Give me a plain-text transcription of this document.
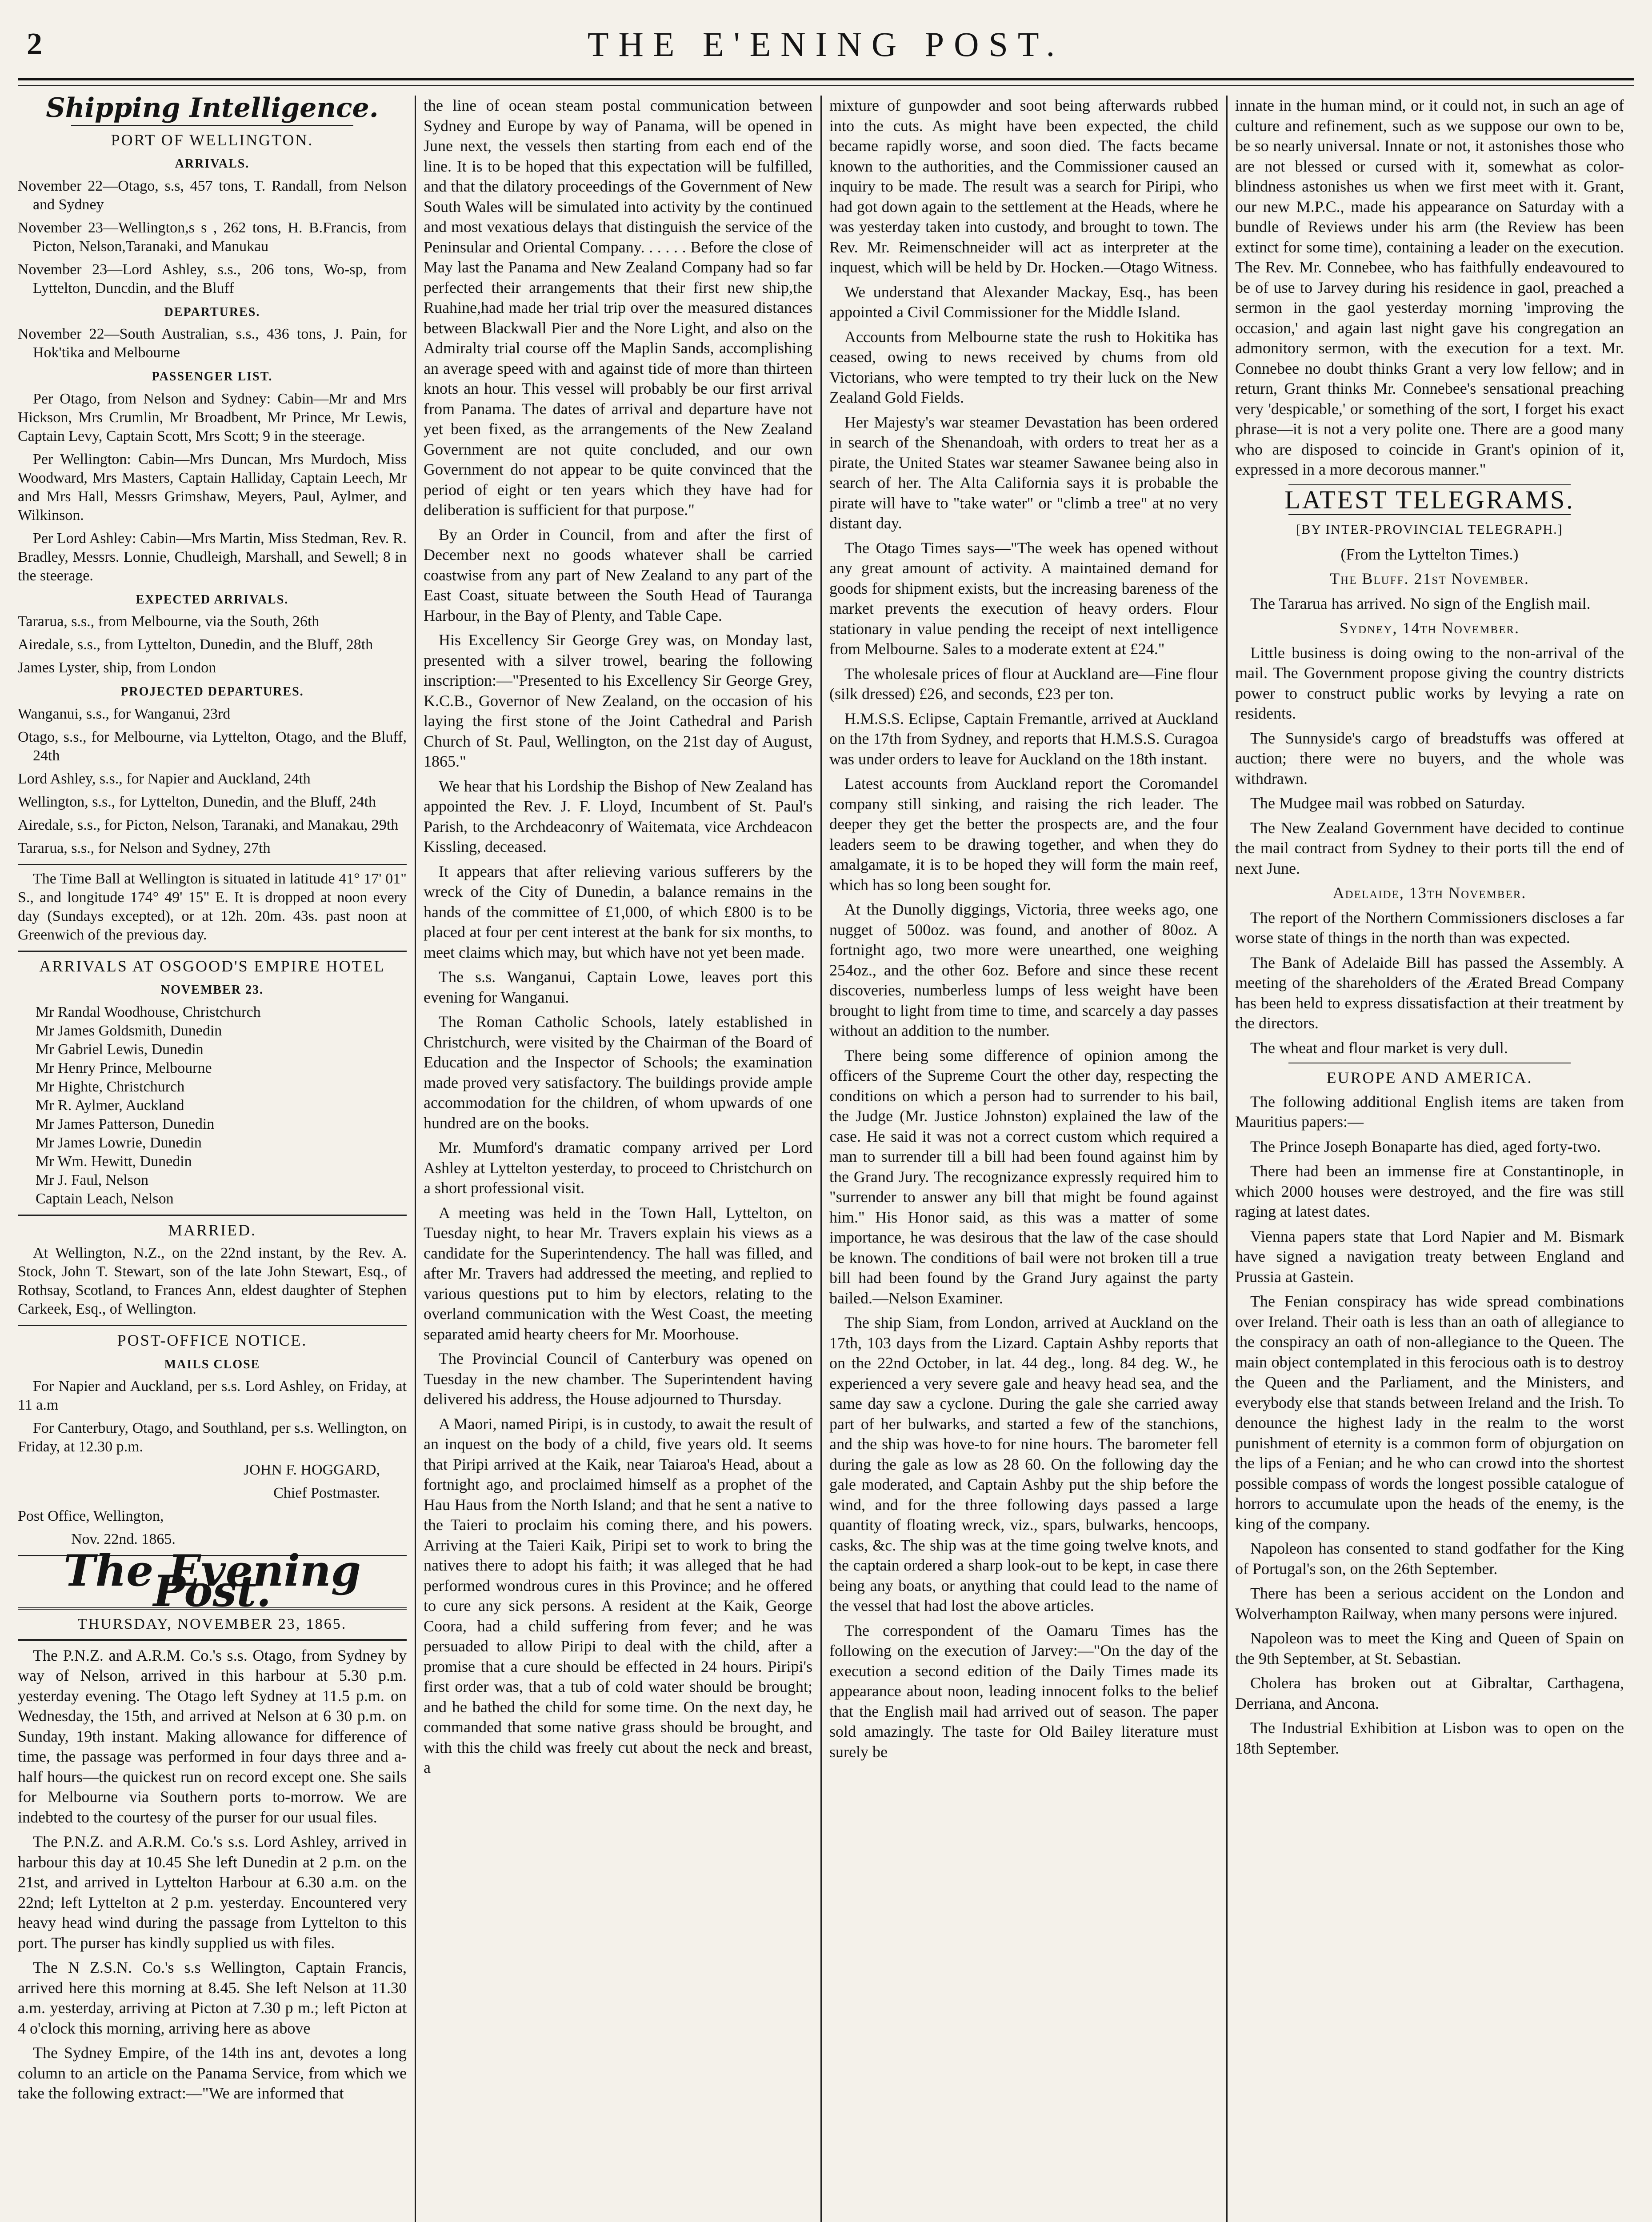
2	THE E'ENING POST.
Shipping Intelligence.
PORT OF WELLINGTON.
ARRIVALS.

November 22—Otago, s.s, 457 tons, T. Randall, from Nelson and Sydney

November 23—Wellington,s s , 262 tons, H. B.Francis, from Picton, Nelson,Taranaki, and Manukau

November 23—Lord Ashley, s.s., 206 tons, Wo-sp, from Lyttelton, Duncdin, and the Bluff

DEPARTURES.

November 22—South Australian, s.s., 436 tons, J. Pain, for Hok'tika and Melbourne

PASSENGER LIST.

Per Otago, from Nelson and Sydney: Cabin—Mr and Mrs Hickson, Mrs Crumlin, Mr Broadbent, Mr Prince, Mr Lewis, Captain Levy, Captain Scott, Mrs Scott; 9 in the steerage.

Per Wellington: Cabin—Mrs Duncan, Mrs Murdoch, Miss Woodward, Mrs Masters, Captain Halliday, Captain Leech, Mr and Mrs Hall, Messrs Grimshaw, Meyers, Paul, Aylmer, and Wilkinson.

Per Lord Ashley: Cabin—Mrs Martin, Miss Stedman, Rev. R. Bradley, Messrs. Lonnie, Chudleigh, Marshall, and Sewell; 8 in the steerage.

EXPECTED ARRIVALS.

Tararua, s.s., from Melbourne, via the South, 26th

Airedale, s.s., from Lyttelton, Dunedin, and the Bluff, 28th

James Lyster, ship, from London

PROJECTED DEPARTURES.

Wanganui, s.s., for Wanganui, 23rd

Otago, s.s., for Melbourne, via Lyttelton, Otago, and the Bluff, 24th

Lord Ashley, s.s., for Napier and Auckland, 24th

Wellington, s.s., for Lyttelton, Dunedin, and the Bluff, 24th

Airedale, s.s., for Picton, Nelson, Taranaki, and Manakau, 29th

Tararua, s.s., for Nelson and Sydney, 27th

The Time Ball at Wellington is situated in latitude 41° 17' 01" S., and longitude 174° 49' 15" E. It is dropped at noon every day (Sundays excepted), or at 12h. 20m. 43s. past noon at Greenwich of the previous day.

ARRIVALS AT OSGOOD'S EMPIRE HOTEL
NOVEMBER 23.

Mr Randal Woodhouse, Christchurch

Mr James Goldsmith, Dunedin

Mr Gabriel Lewis, Dunedin

Mr Henry Prince, Melbourne

Mr Highte, Christchurch

Mr R. Aylmer, Auckland

Mr James Patterson, Dunedin

Mr James Lowrie, Dunedin

Mr Wm. Hewitt, Dunedin

Mr J. Faul, Nelson

Captain Leach, Nelson

MARRIED.

At Wellington, N.Z., on the 22nd instant, by the Rev. A. Stock, John T. Stewart, son of the late John Stewart, Esq., of Rothsay, Scotland, to Frances Ann, eldest daughter of Stephen Carkeek, Esq., of Wellington.

POST-OFFICE NOTICE.
MAILS CLOSE

For Napier and Auckland, per s.s. Lord Ashley, on Friday, at 11 a.m

For Canterbury, Otago, and Southland, per s.s. Wellington, on Friday, at 12.30 p.m.

JOHN F. HOGGARD,

Chief Postmaster.

Post Office, Wellington,

Nov. 22nd. 1865.

The Evening Post.
THURSDAY, NOVEMBER 23, 1865.

The P.N.Z. and A.R.M. Co.'s s.s. Otago, from Sydney by way of Nelson, arrived in this harbour at 5.30 p.m. yesterday evening. The Otago left Sydney at 11.5 p.m. on Wednesday, the 15th, and arrived at Nelson at 6 30 p.m. on Sunday, 19th instant. Making allowance for difference of time, the passage was performed in four days three and a-half hours—the quickest run on record except one. She sails for Melbourne via Southern ports to-morrow. We are indebted to the courtesy of the purser for our usual files.

The P.N.Z. and A.R.M. Co.'s s.s. Lord Ashley, arrived in harbour this day at 10.45 She left Dunedin at 2 p.m. on the 21st, and arrived in Lyttelton Harbour at 6.30 a.m. on the 22nd; left Lyttelton at 2 p.m. yesterday. Encountered very heavy head wind during the passage from Lyttelton to this port. The purser has kindly supplied us with files.

The N Z.S.N. Co.'s s.s Wellington, Captain Francis, arrived here this morning at 8.45. She left Nelson at 11.30 a.m. yesterday, arriving at Picton at 7.30 p m.; left Picton at 4 o'clock this morning, arriving here as above

The Sydney Empire, of the 14th ins ant, devotes a long column to an article on the Panama Service, from which we take the following extract:—"We are informed that

the line of ocean steam postal communication between Sydney and Europe by way of Panama, will be opened in June next, the vessels then starting from each end of the line. It is to be hoped that this expectation will be fulfilled, and that the dilatory proceedings of the Government of New South Wales will be simulated into activity by the continued and most vexatious delays that distinguish the service of the Peninsular and Oriental Company. . . . . . Before the close of May last the Panama and New Zealand Company had so far perfected their arrangements that their first new ship,the Ruahine,had made her trial trip over the measured distances between Blackwall Pier and the Nore Light, and also on the Admiralty trial course off the Maplin Sands, accomplishing an average speed with and against tide of more than thirteen knots an hour. This vessel will probably be our first arrival from Panama. The dates of arrival and departure have not yet been fixed, as the arrangements of the New Zealand Government are not quite concluded, and our own Government do not appear to be quite convinced that the period of eight or ten years which they have had for deliberation is sufficient for that purpose."

By an Order in Council, from and after the first of December next no goods whatever shall be carried coastwise from any part of New Zealand to any part of the East Coast, situate between the South Head of Tauranga Harbour, in the Bay of Plenty, and Table Cape.

His Excellency Sir George Grey was, on Monday last, presented with a silver trowel, bearing the following inscription:—"Presented to his Excellency Sir George Grey, K.C.B., Governor of New Zealand, on the occasion of his laying the first stone of the Joint Cathedral and Parish Church of St. Paul, Wellington, on the 21st day of August, 1865."

We hear that his Lordship the Bishop of New Zealand has appointed the Rev. J. F. Lloyd, Incumbent of St. Paul's Parish, to the Archdeaconry of Waitemata, vice Archdeacon Kissling, deceased.

It appears that after relieving various sufferers by the wreck of the City of Dunedin, a balance remains in the hands of the committee of £1,000, of which £800 is to be placed at four per cent interest at the bank for six months, to meet claims which may, but which have not yet been made.

The s.s. Wanganui, Captain Lowe, leaves port this evening for Wanganui.

The Roman Catholic Schools, lately established in Christchurch, were visited by the Chairman of the Board of Education and the Inspector of Schools; the examination made proved very satisfactory. The buildings provide ample accommodation for the children, of whom upwards of one hundred are on the books.

Mr. Mumford's dramatic company arrived per Lord Ashley at Lyttelton yesterday, to proceed to Christchurch on a short professional visit.

A meeting was held in the Town Hall, Lyttelton, on Tuesday night, to hear Mr. Travers explain his views as a candidate for the Superintendency. The hall was filled, and after Mr. Travers had addressed the meeting, and replied to various questions put to him by electors, relating to the overland communication with the West Coast, the meeting separated amid hearty cheers for Mr. Moorhouse.

The Provincial Council of Canterbury was opened on Tuesday in the new chamber. The Superintendent having delivered his address, the House adjourned to Thursday.

A Maori, named Piripi, is in custody, to await the result of an inquest on the body of a child, five years old. It seems that Piripi arrived at the Kaik, near Taiaroa's Head, about a fortnight ago, and proclaimed himself as a prophet of the Hau Haus from the North Island; and that he sent a native to the Taieri to proclaim his coming there, and his powers. Arriving at the Taieri Kaik, Piripi set to work to bring the natives there to adopt his faith; it was alleged that he had performed wondrous cures in this Province; and he offered to cure any sick persons. A resident at the Kaik, George Coora, had a child suffering from fever; and he was persuaded to allow Piripi to deal with the child, after a promise that a cure should be effected in 24 hours. Piripi's first order was, that a tub of cold water should be brought; and he bathed the child for some time. On the next day, he commanded that some native grass should be brought, and with this the child was freely cut about the neck and breast, a

mixture of gunpowder and soot being afterwards rubbed into the cuts. As might have been expected, the child became rapidly worse, and soon died. The facts became known to the authorities, and the Commissioner caused an inquiry to be made. The result was a search for Piripi, who had got down again to the settlement at the Heads, where he was yesterday taken into custody, and brought to town. The Rev. Mr. Reimenschneider will act as interpreter at the inquest, which will be held by Dr. Hocken.—Otago Witness.

We understand that Alexander Mackay, Esq., has been appointed a Civil Commissioner for the Middle Island.

Accounts from Melbourne state the rush to Hokitika has ceased, owing to news received by chums from old Victorians, who were tempted to try their luck on the New Zealand Gold Fields.

Her Majesty's war steamer Devastation has been ordered in search of the Shenandoah, with orders to treat her as a pirate, the United States war steamer Sawanee being also in search of her. The Alta California says it is probable the pirate will have to "take water" or "climb a tree" at no very distant day.

The Otago Times says—"The week has opened without any great amount of activity. A maintained demand for goods for shipment exists, but the increasing bareness of the market prevents the execution of heavy orders. Flour stationary in value pending the receipt of next intelligence from Melbourne. Sales to a moderate extent at £24."

The wholesale prices of flour at Auckland are—Fine flour (silk dressed) £26, and seconds, £23 per ton.

H.M.S.S. Eclipse, Captain Fremantle, arrived at Auckland on the 17th from Sydney, and reports that H.M.S.S. Curagoa was under orders to leave for Auckland on the 18th instant.

Latest accounts from Auckland report the Coromandel company still sinking, and raising the rich leader. The deeper they get the better the prospects are, and the four leaders seem to be drawing together, and when they do amalgamate, it is to be hoped they will form the main reef, which has so long been sought for.

At the Dunolly diggings, Victoria, three weeks ago, one nugget of 500oz. was found, and another of 80oz. A fortnight ago, two more were unearthed, one weighing 254oz., and the other 6oz. Before and since these recent discoveries, numberless lumps of less weight have been brought to light from time to time, and scarcely a day passes without an addition to the number.

There being some difference of opinion among the officers of the Supreme Court the other day, respecting the conditions on which a person had to surrender to his bail, the Judge (Mr. Justice Johnston) explained the law of the case. He said it was not a correct custom which required a man to surrender till a bill had been found against him by the Grand Jury. The recognizance expressly required him to "surrender to answer any bill that might be found against him." His Honor said, as this was a matter of some importance, he was desirous that the law of the case should be known. The conditions of bail were not broken till a true bill had been found by the Grand Jury against the party bailed.—Nelson Examiner.

The ship Siam, from London, arrived at Auckland on the 17th, 103 days from the Lizard. Captain Ashby reports that on the 22nd October, in lat. 44 deg., long. 84 deg. W., he experienced a very severe gale and heavy head sea, and the same day saw a cyclone. During the gale she carried away part of her bulwarks, and started a few of the stanchions, and the ship was hove-to for nine hours. The barometer fell during the gale as low as 28 60. On the following day the gale moderated, and Captain Ashby put the ship before the wind, and for the three following days passed a large quantity of floating wreck, viz., spars, bulwarks, hencoops, casks, &c. The ship was at the time going twelve knots, and the captain ordered a sharp look-out to be kept, in case there being any boats, or anything that could lead to the name of the vessel that had lost the above articles.

The correspondent of the Oamaru Times has the following on the execution of Jarvey:—"On the day of the execution a second edition of the Daily Times made its appearance about noon, leading innocent folks to the belief that the English mail had arrived out of season. The paper sold amazingly. The taste for Old Bailey literature must surely be

innate in the human mind, or it could not, in such an age of culture and refinement, such as we suppose our own to be, be so nearly universal. Innate or not, it astonishes those who are not blessed or cursed with it, somewhat as color-blindness astonishes us when we first meet with it. Grant, our new M.P.C., made his appearance on Saturday with a bundle of Reviews under his arm (the Review has been extinct for some time), containing a leader on the execution. The Rev. Mr. Connebee, who has faithfully endeavoured to be of use to Jarvey during his residence in gaol, preached a sermon in the gaol yesterday morning 'improving the occasion,' and again last night gave his congregation an admonitory sermon, with the execution for a text. Mr. Connebee no doubt thinks Grant a very low fellow; and in return, Grant thinks Mr. Connebee's sensational preaching very 'despicable,' or something of the sort, I forget his exact phrase—it is not a very polite one. There are a good many who are disposed to coincide in Grant's opinion of it, expressed in a more decorous manner."

LATEST TELEGRAMS.

[BY INTER-PROVINCIAL TELEGRAPH.]

(From the Lyttelton Times.)

The Bluff. 21st November.

The Tararua has arrived. No sign of the English mail.

Sydney, 14th November.

Little business is doing owing to the non-arrival of the mail. The Government propose giving the country districts power to construct public works by levying a rate on residents.

The Sunnyside's cargo of breadstuffs was offered at auction; there were no buyers, and the whole was withdrawn.

The Mudgee mail was robbed on Saturday.

The New Zealand Government have decided to continue the mail contract from Sydney to their ports till the end of next June.

Adelaide, 13th November.

The report of the Northern Commissioners discloses a far worse state of things in the north than was expected.

The Bank of Adelaide Bill has passed the Assembly. A meeting of the shareholders of the Ærated Bread Company has been held to express dissatisfaction at their treatment by the directors.

The wheat and flour market is very dull.

EUROPE AND AMERICA.

The following additional English items are taken from Mauritius papers:—

The Prince Joseph Bonaparte has died, aged forty-two.

There had been an immense fire at Constantinople, in which 2000 houses were destroyed, and the fire was still raging at latest dates.

Vienna papers state that Lord Napier and M. Bismark have signed a navigation treaty between England and Prussia at Gastein.

The Fenian conspiracy has wide spread combinations over Ireland. Their oath is less than an oath of allegiance to the conspiracy an oath of non-allegiance to the Queen. The main object contemplated in this ferocious oath is to destroy the Queen and the Parliament, and the Ministers, and everybody else that stands between Ireland and the Irish. To denounce the highest lady in the realm to the worst punishment of eternity is a common form of objurgation on the lips of a Fenian; and he who can crowd into the shortest possible compass of words the longest possible catalogue of horrors to accumulate upon the heads of the enemy, is the king of the company.

Napoleon has consented to stand godfather for the King of Portugal's son, on the 26th September.

There has been a serious accident on the London and Wolverhampton Railway, when many persons were injured.

Napoleon was to meet the King and Queen of Spain on the 9th September, at St. Sebastian.

Cholera has broken out at Gibraltar, Carthagena, Derriana, and Ancona.

The Industrial Exhibition at Lisbon was to open on the 18th September.
